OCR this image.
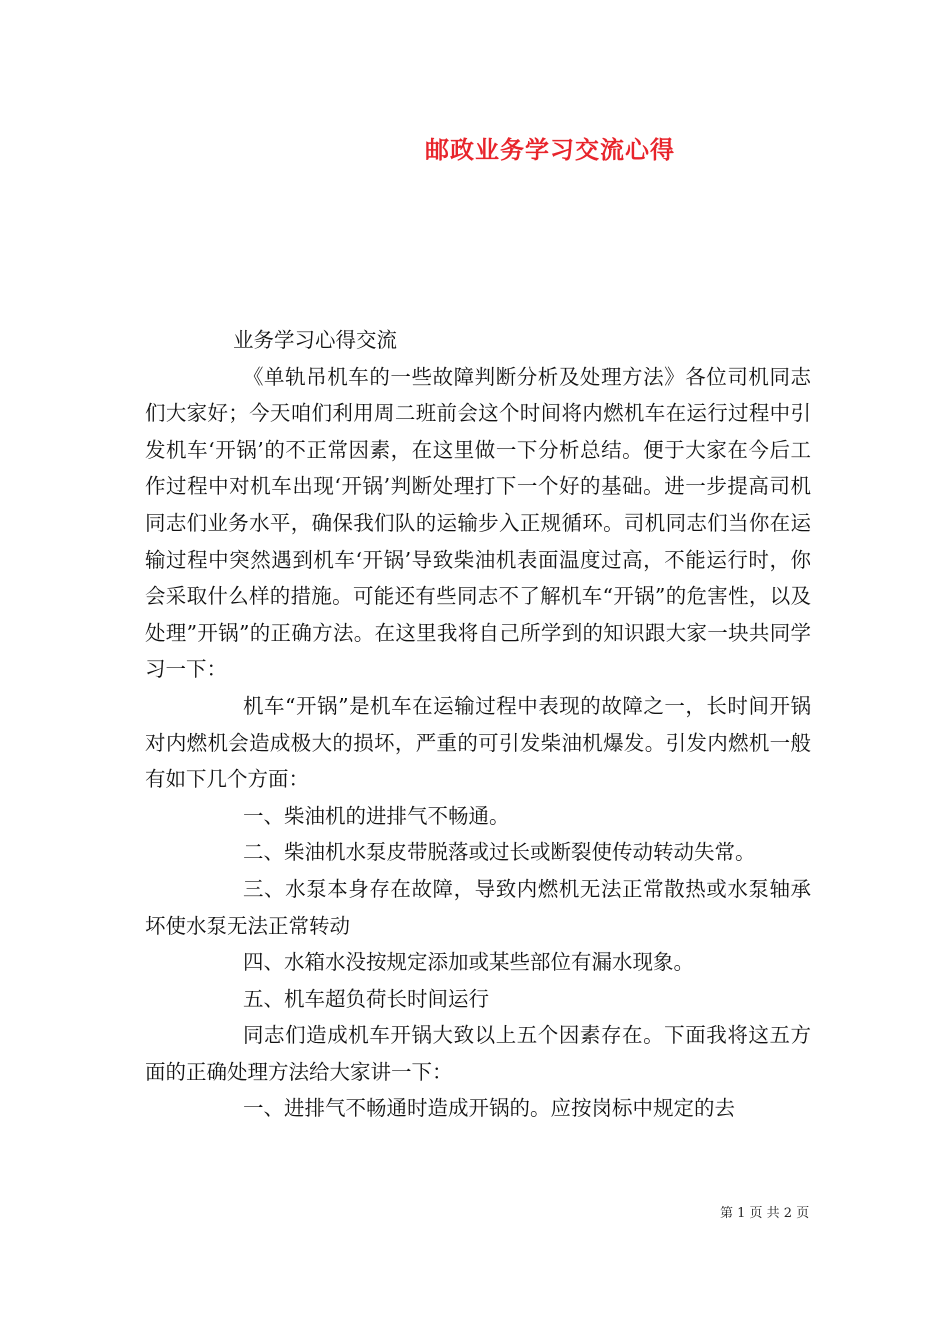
邮政业务学习交流心得

业务学习心得交流

《单轨吊机车的一些故障判断分析及处理方法》各位司机同志们大家好；今天咱们利用周二班前会这个时间将内燃机车在运行过程中引发机车‘开锅’的不正常因素，在这里做一下分析总结。便于大家在今后工作过程中对机车出现‘开锅’判断处理打下一个好的基础。进一步提高司机同志们业务水平，确保我们队的运输步入正规循环。司机同志们当你在运输过程中突然遇到机车‘开锅’导致柴油机表面温度过高，不能运行时，你会采取什么样的措施。可能还有些同志不了解机车“开锅”的危害性，以及处理”开锅”的正确方法。在这里我将自己所学到的知识跟大家一块共同学习一下：

机车“开锅”是机车在运输过程中表现的故障之一，长时间开锅对内燃机会造成极大的损坏，严重的可引发柴油机爆发。引发内燃机一般有如下几个方面：

一、柴油机的进排气不畅通。

二、柴油机水泵皮带脱落或过长或断裂使传动转动失常。

三、水泵本身存在故障，导致内燃机无法正常散热或水泵轴承坏使水泵无法正常转动

四、水箱水没按规定添加或某些部位有漏水现象。

五、机车超负荷长时间运行

同志们造成机车开锅大致以上五个因素存在。下面我将这五方面的正确处理方法给大家讲一下：

一、进排气不畅通时造成开锅的。应按岗标中规定的去

第 1 页 共 2 页
